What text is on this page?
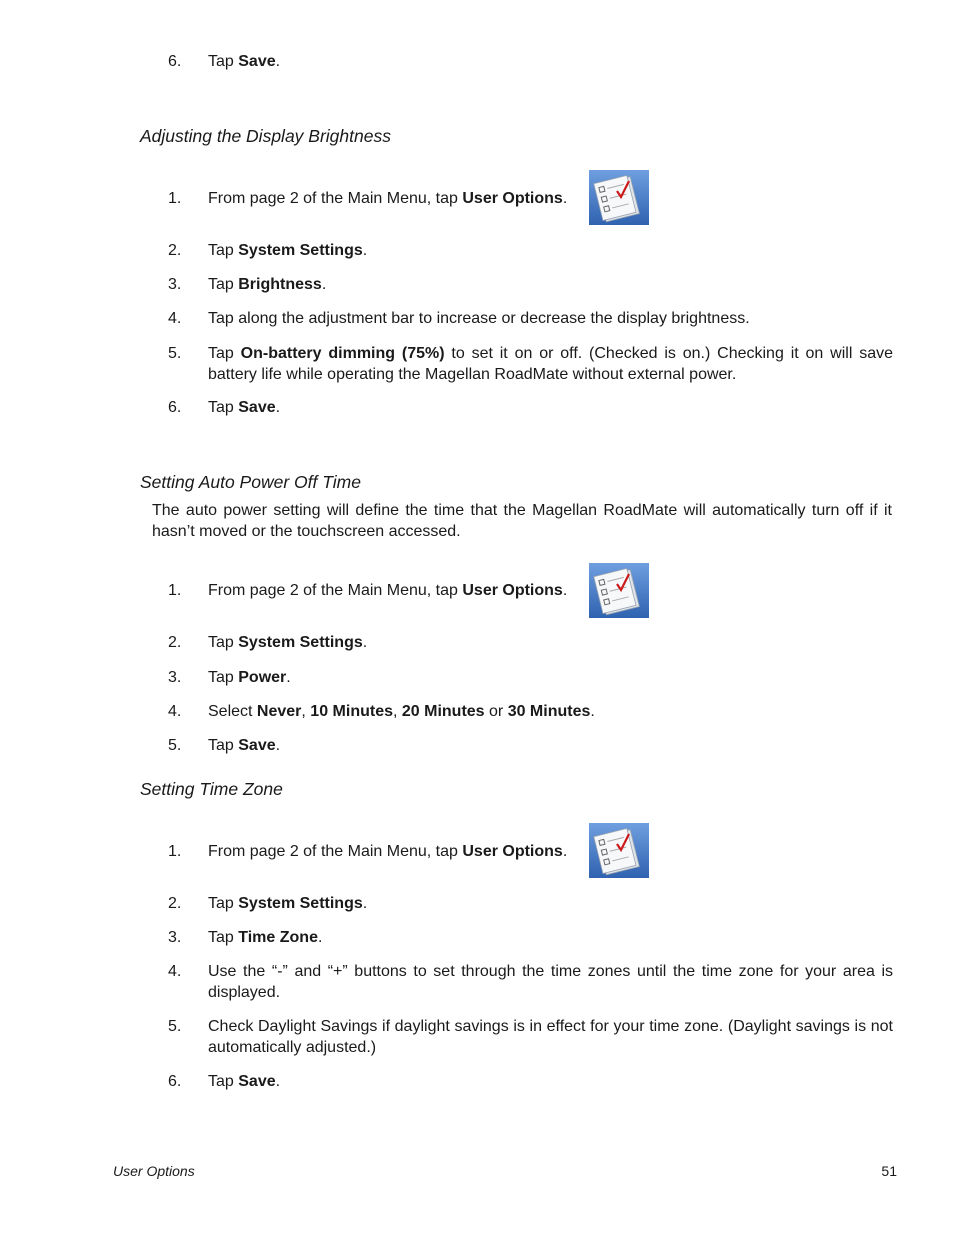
6. Tap Save.
Adjusting the Display Brightness
1. From page 2 of the Main Menu, tap User Options.
2. Tap System Settings.
3. Tap Brightness.
4. Tap along the adjustment bar to increase or decrease the display brightness.
5. Tap On-battery dimming (75%) to set it on or off. (Checked is on.) Checking it on will save battery life while operating the Magellan RoadMate without external power.
6. Tap Save.
Setting Auto Power Off Time
The auto power setting will define the time that the Magellan RoadMate will automatically turn off if it hasn’t moved or the touchscreen accessed.
1. From page 2 of the Main Menu, tap User Options.
2. Tap System Settings.
3. Tap Power.
4. Select Never, 10 Minutes, 20 Minutes or 30 Minutes.
5. Tap Save.
Setting Time Zone
1. From page 2 of the Main Menu, tap User Options.
2. Tap System Settings.
3. Tap Time Zone.
4. Use the “-” and “+” buttons to set through the time zones until the time zone for your area is displayed.
5. Check Daylight Savings if daylight savings is in effect for your time zone. (Daylight savings is not automatically adjusted.)
6. Tap Save.
User Options	51
